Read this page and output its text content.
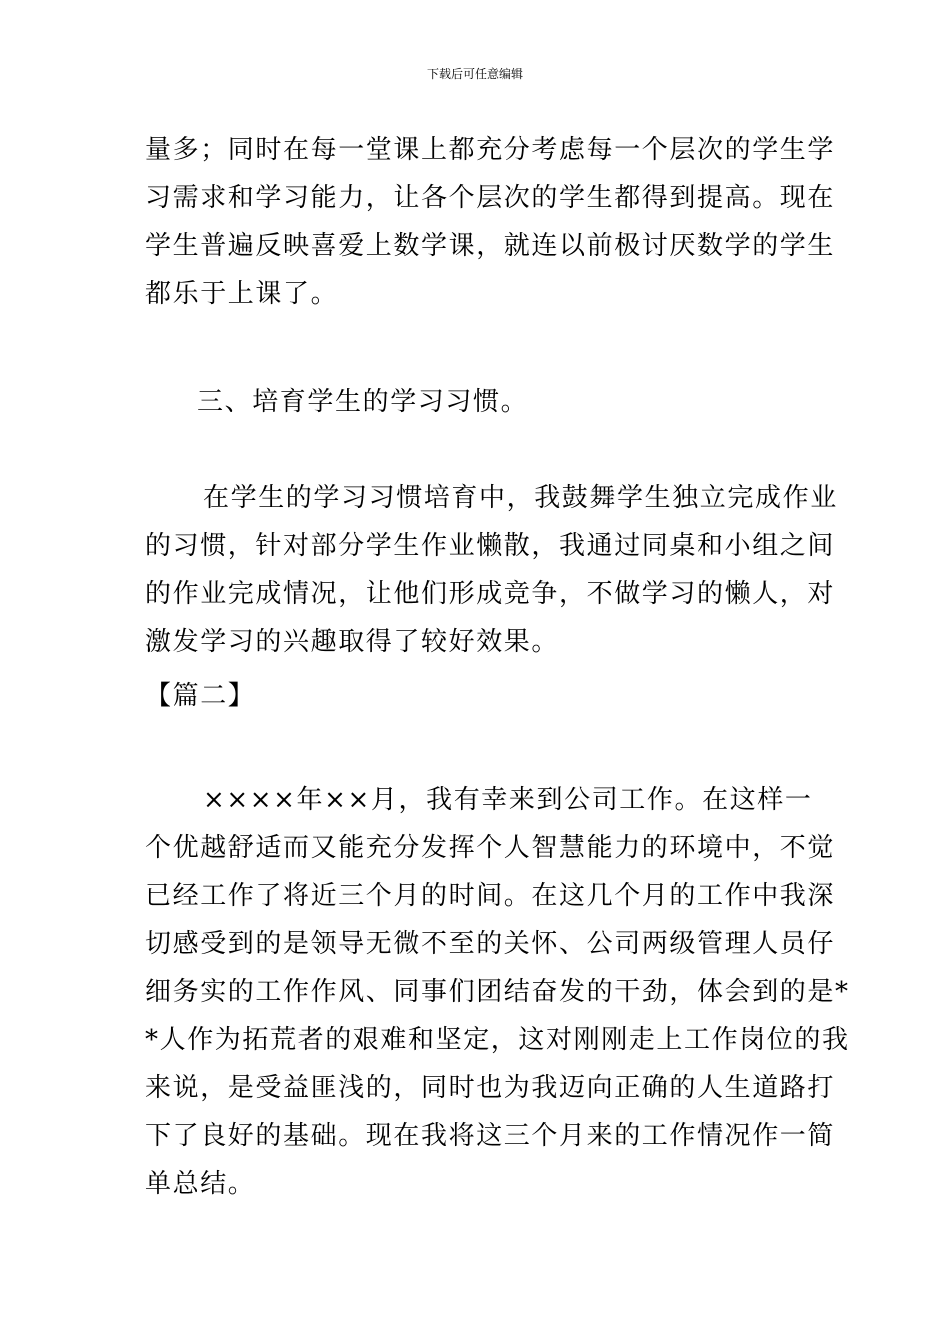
下载后可任意编辑
量多；同时在每一堂课上都充分考虑每一个层次的学生学
习需求和学习能力，让各个层次的学生都得到提高。现在
学生普遍反映喜爱上数学课，就连以前极讨厌数学的学生
都乐于上课了。
三、培育学生的学习习惯。
在学生的学习习惯培育中，我鼓舞学生独立完成作业
的习惯，针对部分学生作业懒散，我通过同桌和小组之间
的作业完成情况，让他们形成竞争，不做学习的懒人，对
激发学习的兴趣取得了较好效果。
【篇二】
××××年××月，我有幸来到公司工作。在这样一
个优越舒适而又能充分发挥个人智慧能力的环境中，不觉
已经工作了将近三个月的时间。在这几个月的工作中我深
切感受到的是领导无微不至的关怀、公司两级管理人员仔
细务实的工作作风、同事们团结奋发的干劲，体会到的是*
*人作为拓荒者的艰难和坚定，这对刚刚走上工作岗位的我
来说，是受益匪浅的，同时也为我迈向正确的人生道路打
下了良好的基础。现在我将这三个月来的工作情况作一简
单总结。
